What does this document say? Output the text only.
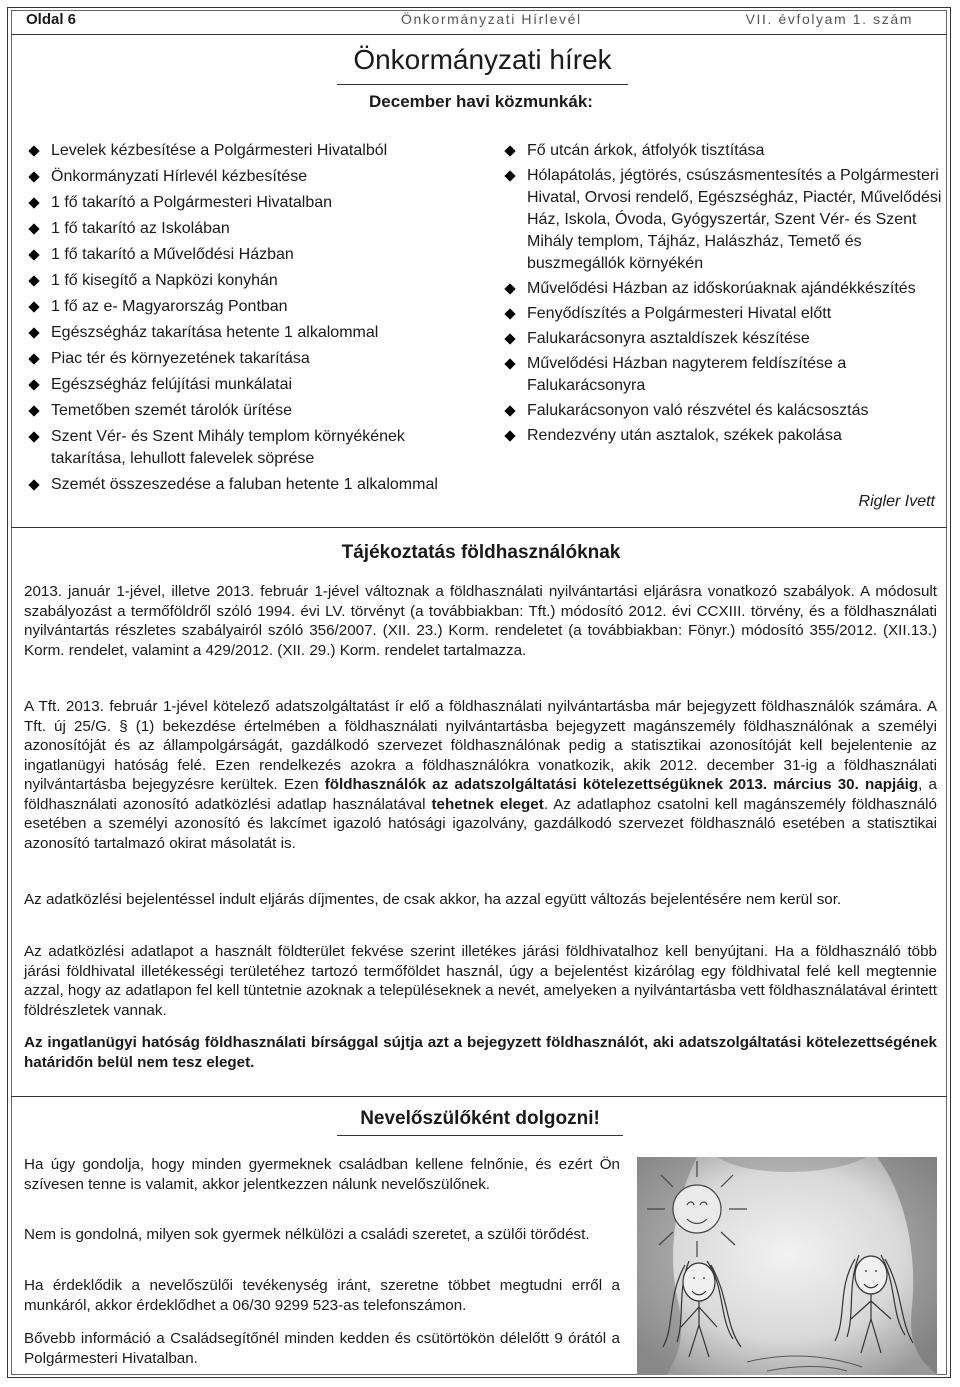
Oldal 6	Önkormányzati Hírlevél	VII. évfolyam 1. szám
Önkormányzati hírek
December havi közmunkák:
Levelek kézbesítése a Polgármesteri Hivatalból
Önkormányzati Hírlevél kézbesítése
1 fő takarító a Polgármesteri Hivatalban
1 fő takarító az Iskolában
1 fő takarító a Művelődési Házban
1 fő kisegítő a Napközi konyhán
1 fő az e- Magyarország Pontban
Egészségház takarítása hetente 1 alkalommal
Piac tér és környezetének takarítása
Egészségház felújítási munkálatai
Temetőben szemét tárolók ürítése
Szent Vér- és Szent Mihály templom környékének takarítása, lehullott falevelek söprése
Szemét összeszedése a faluban hetente 1 alkalommal
Fő utcán árkok, átfolyók tisztítása
Hólapátolás, jégtörés, csúszásmentesítés a Polgármesteri Hivatal, Orvosi rendelő, Egészségház, Piactér, Művelődési Ház, Iskola, Óvoda, Gyógyszertár, Szent Vér- és Szent Mihály templom, Tájház, Halászház, Temető és buszmegállók környékén
Művelődési Házban az időskorúaknak ajándékkészítés
Fenyődíszítés a Polgármesteri Hivatal előtt
Falukarácsonyra asztaldíszek készítése
Művelődési Házban nagyterem feldíszítése a Falukarácsonyra
Falukarácsonyon való részvétel és kalácsosztás
Rendezvény után asztalok, székek pakolása
Rigler Ivett
Tájékoztatás földhasználóknak

2013. január 1-jével, illetve 2013. február 1-jével változnak a földhasználati nyilvántartási eljárásra vonatkozó szabályok. A módosult szabályozást a termőföldről szóló 1994. évi LV. törvényt (a továbbiakban: Tft.) módosító 2012. évi CCXIII. törvény, és a földhasználati nyilvántartás részletes szabályairól szóló 356/2007. (XII. 23.) Korm. rendeletet (a továbbiakban: Fönyr.) módosító 355/2012. (XII.13.) Korm. rendelet, valamint a 429/2012. (XII. 29.) Korm. rendelet tartalmazza.

A Tft. 2013. február 1-jével kötelező adatszolgáltatást ír elő a földhasználati nyilvántartásba már bejegyzett földhasználók számára. A Tft. új 25/G. § (1) bekezdése értelmében a földhasználati nyilvántartásba bejegyzett magánszemély földhasználónak a személyi azonosítóját és az állampolgárságát, gazdálkodó szervezet földhasználónak pedig a statisztikai azonosítóját kell bejelentenie az ingatlanügyi hatóság felé. Ezen rendelkezés azokra a földhasználókra vonatkozik, akik 2012. december 31-ig a földhasználati nyilvántartásba bejegyzésre kerültek. Ezen földhasználók az adatszolgáltatási kötelezettségüknek 2013. március 30. napjáig, a földhasználati azonosító adatközlési adatlap használatával tehetnek eleget. Az adatlaphoz csatolni kell magánszemély földhasználó esetében a személyi azonosító és lakcímet igazoló hatósági igazolvány, gazdálkodó szervezet földhasználó esetében a statisztikai azonosító tartalmazó okirat másolatát is.

Az adatközlési bejelentéssel indult eljárás díjmentes, de csak akkor, ha azzal együtt változás bejelentésére nem kerül sor.

Az adatközlési adatlapot a használt földterület fekvése szerint illetékes járási földhivatalhoz kell benyújtani. Ha a földhasználó több járási földhivatal illetékességi területéhez tartozó termőföldet használ, úgy a bejelentést kizárólag egy földhivatal felé kell megtennie azzal, hogy az adatlapon fel kell tüntetnie azoknak a településeknek a nevét, amelyeken a nyilvántartásba vett földhasználatával érintett földrészletek vannak.

Az ingatlanügyi hatóság földhasználati bírsággal sújtja azt a bejegyzett földhasználót, aki adatszolgáltatási kötelezettségének határidőn belül nem tesz eleget.

Nevelőszülőként dolgozni!

Ha úgy gondolja, hogy minden gyermeknek családban kellene felnőnie, és ezért Ön szívesen tenne is valamit, akkor jelentkezzen nálunk nevelőszülőnek.

Nem is gondolná, milyen sok gyermek nélkülözi a családi szeretet, a szülői törődést.

Ha érdeklődik a nevelőszülői tevékenység iránt, szeretne többet megtudni erről a munkáról, akkor érdeklődhet a 06/30 9299 523-as telefonszámon.

Bővebb információ a Családsegítőnél minden kedden és csütörtökön délelőtt 9 órától a Polgármesteri Hivatalban.
